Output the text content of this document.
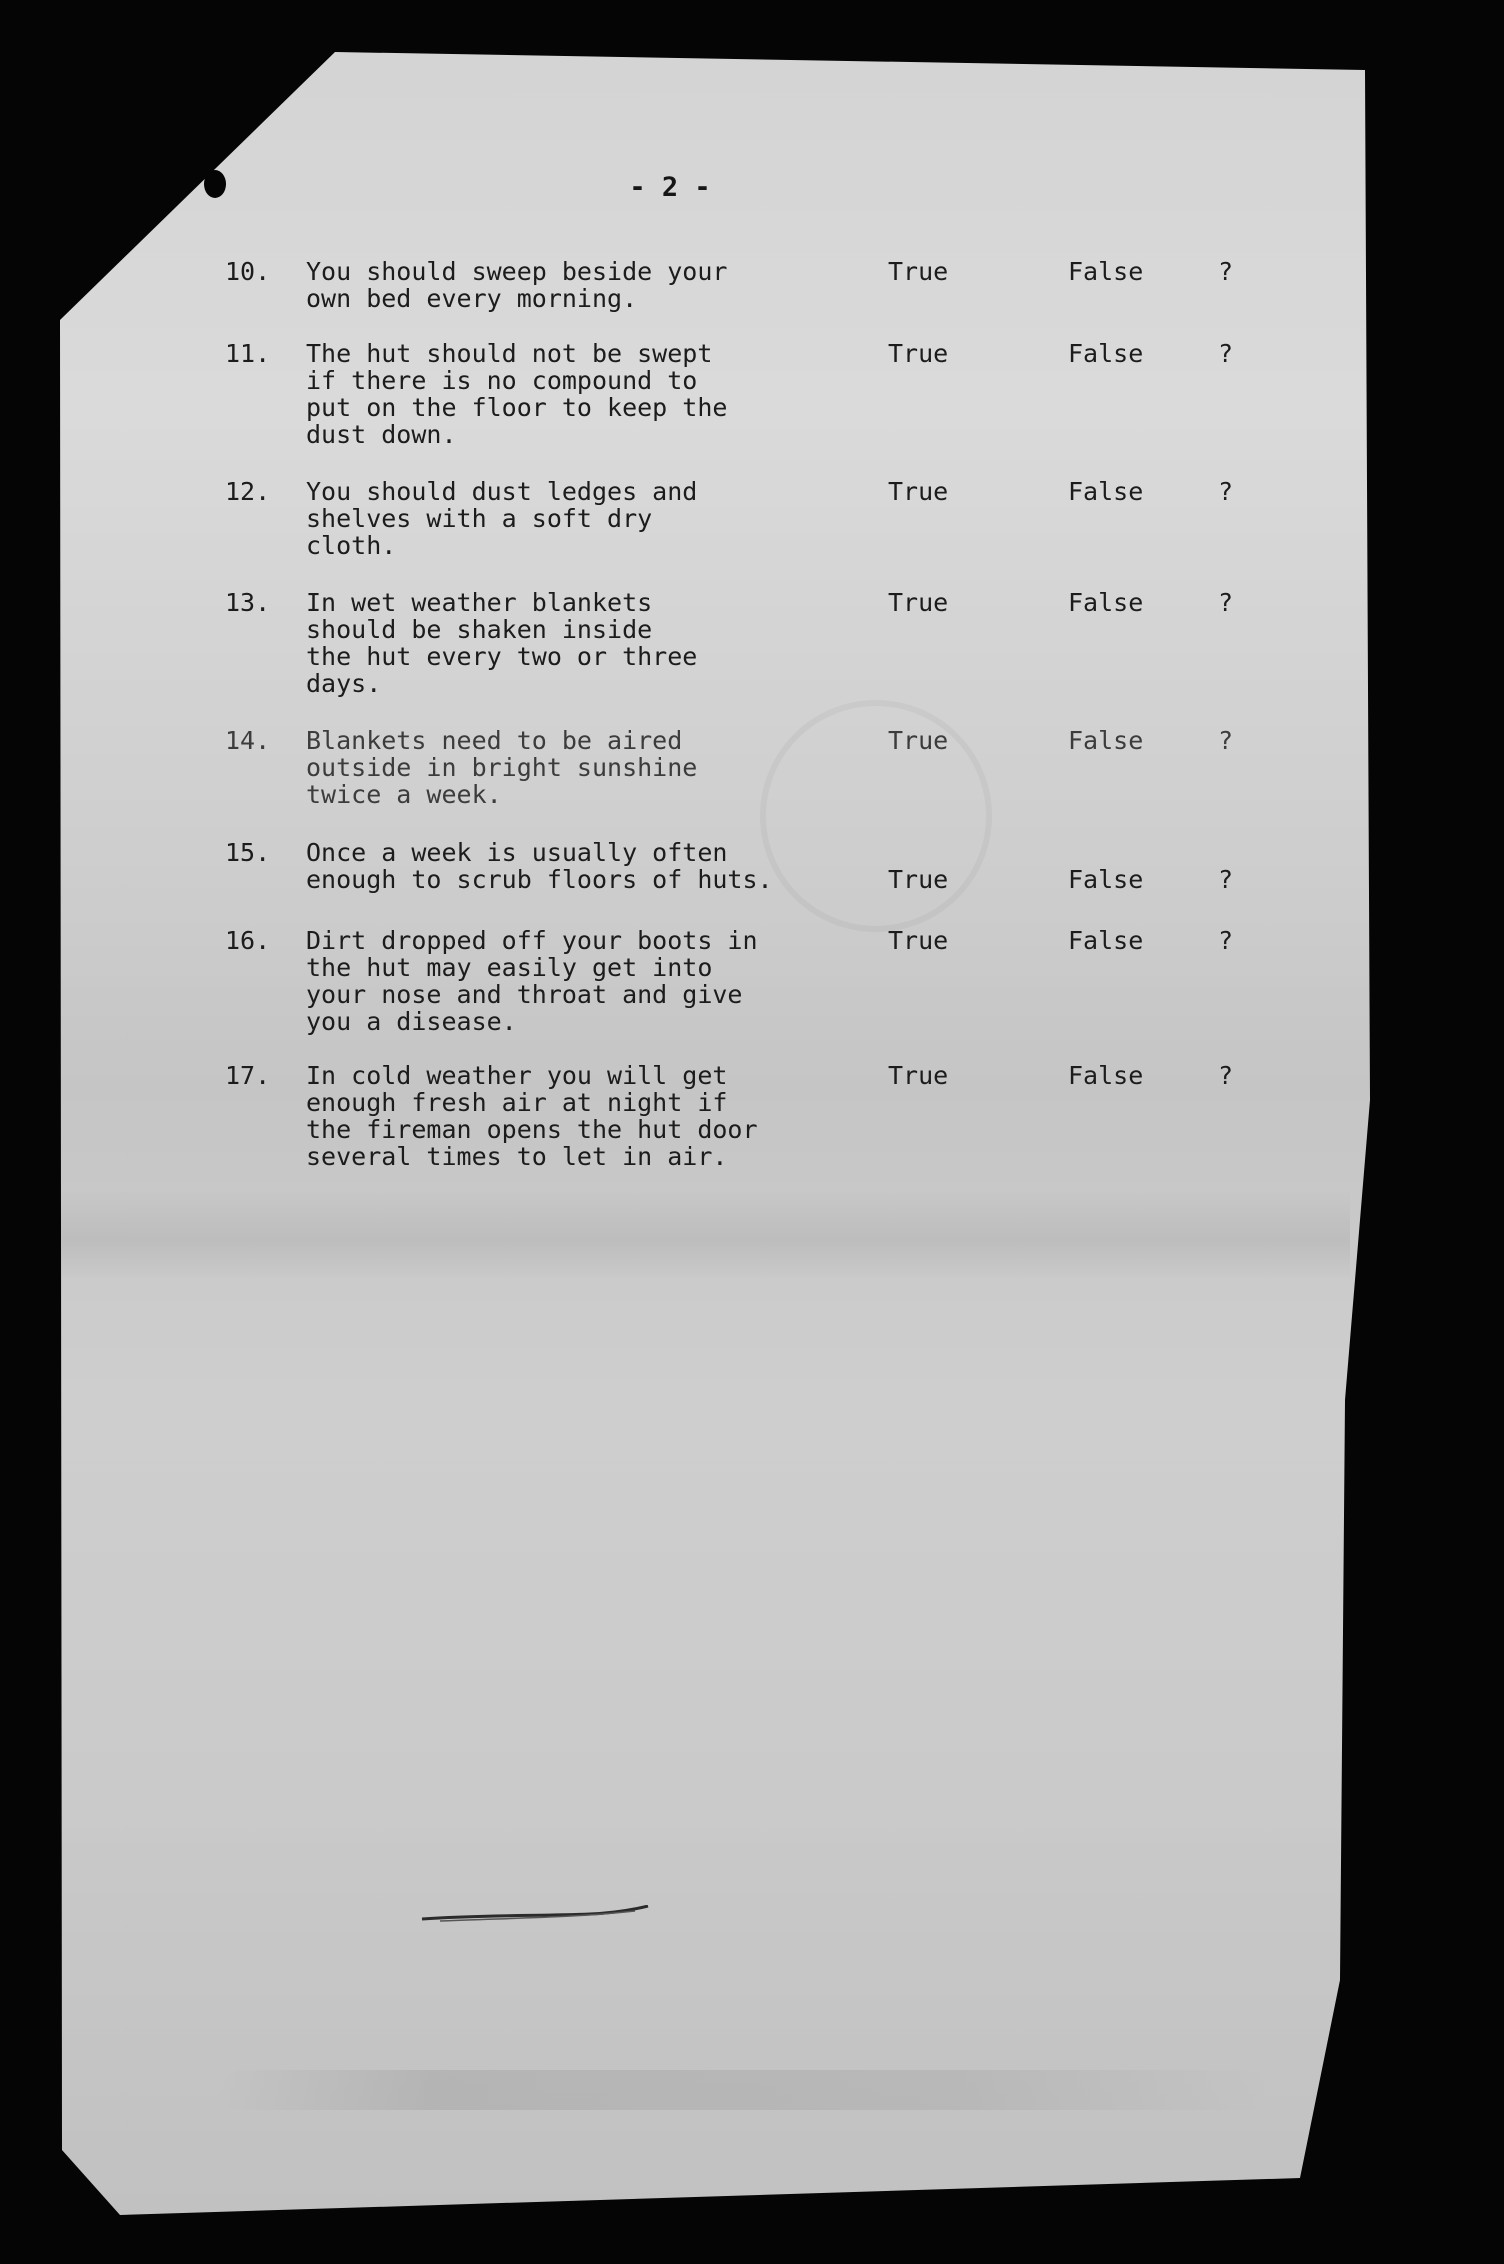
- 2 -
10. You should sweep beside your
own bed every morning.
True	False	?
11. The hut should not be swept
if there is no compound to
put on the floor to keep the
dust down.
True	False	?
12. You should dust ledges and
shelves with a soft dry
cloth.
True	False	?
13. In wet weather blankets
should be shaken inside
the hut every two or three
days.
True	False	?
14. Blankets need to be aired
outside in bright sunshine
twice a week.
True	False	?
15. Once a week is usually often
enough to scrub floors of huts.	True	False	?
16. Dirt dropped off your boots in
the hut may easily get into
your nose and throat and give
you a disease.
True	False	?
17. In cold weather you will get
enough fresh air at night if
the fireman opens the hut door
several times to let in air.
True	False	?
